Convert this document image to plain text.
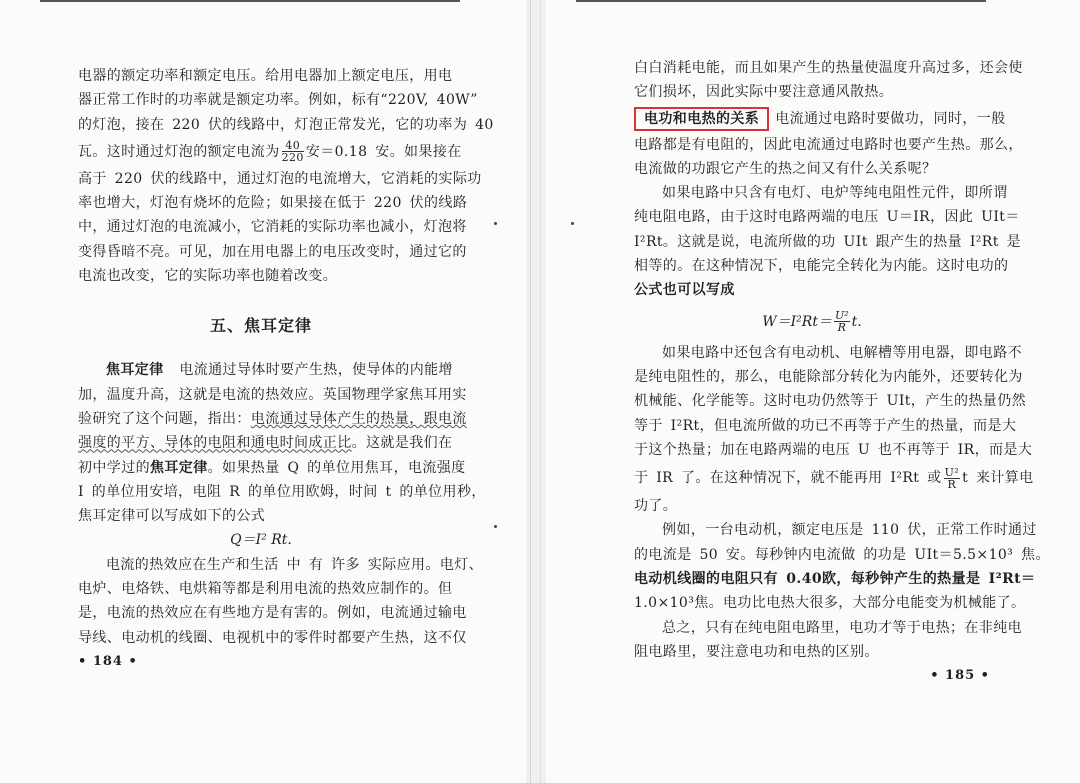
电器的额定功率和额定电压。给用电器加上额定电压，用电
器正常工作时的功率就是额定功率。例如，标有“220V, 40W”
的灯泡，接在 220 伏的线路中，灯泡正常发光，它的功率为 40
瓦。这时通过灯泡的额定电流为 $\frac{40}{220}$ 安＝0.18 安。如果接在
高于 220 伏的线路中，通过灯泡的电流增大，它消耗的实际功
率也增大，灯泡有烧坏的危险；如果接在低于 220 伏的线路
中，通过灯泡的电流减小，它消耗的实际功率也减小，灯泡将
变得昏暗不亮。可见，加在用电器上的电压改变时，通过它的
电流也改变，它的实际功率也随着改变。
五、焦耳定律
焦耳定律 电流通过导体时要产生热，使导体的内能增
加，温度升高，这就是电流的热效应。英国物理学家焦耳用实
验研究了这个问题，指出：电流通过导体产生的热量，跟电流
强度的平方、导体的电阻和通电时间成正比。这就是我们在
初中学过的焦耳定律。如果热量 Q 的单位用焦耳，电流强度
I 的单位用安培，电阻 R 的单位用欧姆，时间 t 的单位用秒，
焦耳定律可以写成如下的公式
Q＝I² Rt.
电流的热效应在生产和生活 中 有 许多 实际应用。电灯、
电炉、电烙铁、电烘箱等都是利用电流的热效应制作的。但
是，电流的热效应在有些地方是有害的。例如，电流通过输电
导线、电动机的线圈、电视机中的零件时都要产生热，这不仅
• 184 •
白白消耗电能，而且如果产生的热量使温度升高过多，还会使
它们损坏，因此实际中要注意通风散热。
电功和电热的关系 电流通过电路时要做功，同时，一般
电路都是有电阻的，因此电流通过电路时也要产生热。那么，
电流做的功跟它产生的热之间又有什么关系呢？
如果电路中只含有电灯、电炉等纯电阻性元件，即所谓
纯电阻电路，由于这时电路两端的电压 U＝IR，因此 UIt＝
I²Rt。这就是说，电流所做的功 UIt 跟产生的热量 I²Rt 是
相等的。在这种情况下，电能完全转化为内能。这时电功的
公式也可以写成
$W=I^2Rt= \frac{\text{U²}}{R} t$.
如果电路中还包含有电动机、电解槽等用电器，即电路不
是纯电阻性的，那么，电能除部分转化为内能外，还要转化为
机械能、化学能等。这时电功仍然等于 UIt，产生的热量仍然
等于 I²Rt，但电流所做的功已不再等于产生的热量，而是大
于这个热量；加在电路两端的电压 U 也不再等于 IR，而是大
于 IR 了。在这种情况下，就不能再用 I²Rt 或 $\frac{\text{U²}}{R}$ t 来计算电
功了。
例如，一台电动机，额定电压是 110 伏，正常工作时通过
的电流是 50 安。每秒钟内电流做 的功是 UIt＝5.5×10³ 焦。
电动机线圈的电阻只有 0.40欧，每秒钟产生的热量是 I²Rt＝
1.0×10³焦。电功比电热大很多，大部分电能变为机械能了。
总之，只有在纯电阻电路里，电功才等于电热；在非纯电
阻电路里，要注意电功和电热的区别。
• 185 •
